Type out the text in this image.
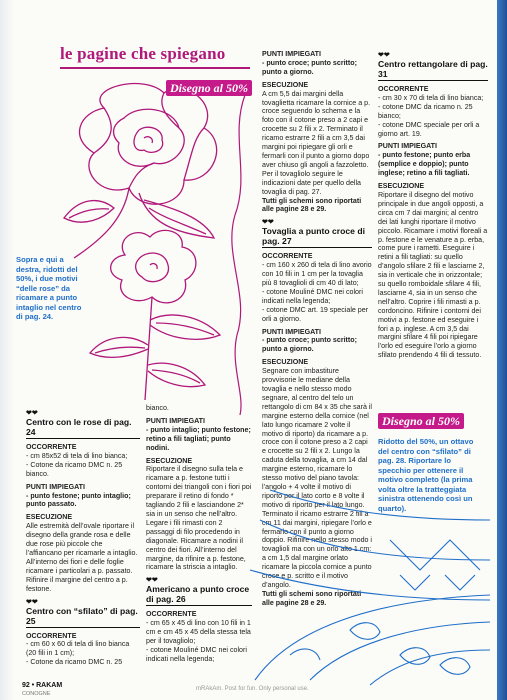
le pagine che spiegano
Disegno al 50%
Sopra e qui a destra, ridotti del 50%, i due motivi “delle rose” da ricamare a punto intaglio nel centro di pag. 24.
❤❤
Centro con le rose di pag. 24
OCCORRENTE
- cm 85x52 di tela di lino bianca;
- Cotone da ricamo DMC n. 25 bianco.
PUNTI IMPIEGATI
- punto festone; punto intaglio; punto passato.
ESECUZIONE

Alle estremità dell’ovale riportare il disegno della grande rosa e delle due rose più piccole che l’affiancano per ricamarle a intaglio. All’interno dei fiori e delle foglie ricamare i particolari a p. passato. Rifinire il margine del centro a p. festone.

❤❤
Centro con “sfilato” di pag. 25
OCCORRENTE
- cm 60 x 60 di tela di lino bianca (20 fili in 1 cm);
- Cotone da ricamo DMC n. 25
bianco.
PUNTI IMPIEGATI
- punto intaglio; punto festone; retino a fili tagliati; punto nodini.
ESECUZIONE

Riportare il disegno sulla tela e ricamare a p. festone tutti i contorni dei triangoli con i fiori poi preparare il retino di fondo * tagliando 2 fili e lasciandone 2* sia in un senso che nell’altro. Legare i fili rimasti con 2 passaggi di filo procedendo in diagonale. Ricamare a nodini il centro dei fiori. All’interno del margine, da rifinire a p. festone, ricamare la striscia a intaglio.

❤❤
Americano a punto croce di pag. 26
OCCORRENTE
- cm 65 x 45 di lino con 10 fili in 1 cm e cm 45 x 45 della stessa tela per il tovagliolo;
- cotone Mouliné DMC nei colori indicati nella legenda;
PUNTI IMPIEGATI
- punto croce; punto scritto; punto a giorno.
ESECUZIONE

A cm 5,5 dai margini della tovaglietta ricamare la cornice a p. croce seguendo lo schema e la foto con il cotone preso a 2 capi e crocette su 2 fili x 2. Terminato il ricamo estrarre 2 fili a cm 3,5 dai margini poi ripiegare gli orli e fermarli con il punto a giorno dopo aver chiuso gli angoli a fazzoletto. Per il tovagliolo seguire le indicazioni date per quello della tovaglia di pag. 27.

Tutti gli schemi sono riportati alle pagine 28 e 29.

❤❤
Tovaglia a punto croce di pag. 27
OCCORRENTE
- cm 160 x 260 di tela di lino avorio con 10 fili in 1 cm per la tovaglia più 8 tovaglioli di cm 40 di lato;
- cotone Mouliné DMC nei colori indicati nella legenda;
- cotone DMC art. 19 speciale per orli a giorno.
PUNTI IMPIEGATI
- punto croce; punto scritto; punto a giorno.
ESECUZIONE

Segnare con imbastiture provvisorie le mediane della tovaglia e nello stesso modo segnare, al centro del telo un rettangolo di cm 84 x 35 che sarà il margine esterno della cornice (nel lato lungo ricamare 2 volte il motivo di riporto) da ricamare a p. croce con il cotone preso a 2 capi e crocette su 2 fili x 2. Lungo la caduta della tovaglia, a cm 14 dal margine esterno, ricamare lo stesso motivo del piano tavola: l’angolo + 4 volte il motivo di riporto per il lato corto e 8 volte il motivo di riporto per il lato lungo. Terminato il ricamo estrarre 2 fili a cm 11 dai margini, ripiegare l’orlo e fermarlo con il punto a giorno doppio. Rifinire nello stesso modo i tovaglioli ma con un orlo alto 1 cm: a cm 1,5 dal margine orlato ricamare la piccola cornice a punto croce e p. scritto e il motivo d’angolo.

Tutti gli schemi sono riportati alle pagine 28 e 29.

❤❤
Centro rettangolare di pag. 31
OCCORRENTE
- cm 30 x 70 di tela di lino bianca;
- cotone DMC da ricamo n. 25 bianco;
- cotone DMC speciale per orli a giorno art. 19.
PUNTI IMPIEGATI
- punto festone; punto erba (semplice e doppio); punto inglese; retino a fili tagliati.
ESECUZIONE

Riportare il disegno del motivo principale in due angoli opposti, a circa cm 7 dai margini; al centro dei lati lunghi riportare il motivo piccolo. Ricamare i motivi floreali a p. festone e le venature a p. erba, come pure i rametti. Eseguire i retini a fili tagliati: su quello d’angolo sfilare 2 fili e lasciarne 2, sia in verticale che in orizzontale; su quello romboidale sfilare 4 fili, lasciarne 4, sia in un senso che nell’altro. Coprire i fili rimasti a p. cordoncino. Rifinire i contorni dei motivi a p. festone ed eseguire i fori a p. inglese. A cm 3,5 dai margini sfilare 4 fili poi ripiegare l’orlo ed eseguire l’orlo a giorno sfilato prendendo 4 fili di tessuto.

Disegno al 50%
Ridotto del 50%, un ottavo del centro con “sfilato” di pag. 28. Riportare lo specchio per ottenere il motivo completo (la prima volta oltre la tratteggiata sinistra ottenendo così un quarto).
92 • RAKAM
CONOGNE
mRAkAm. Post for fun. Only personal use.
